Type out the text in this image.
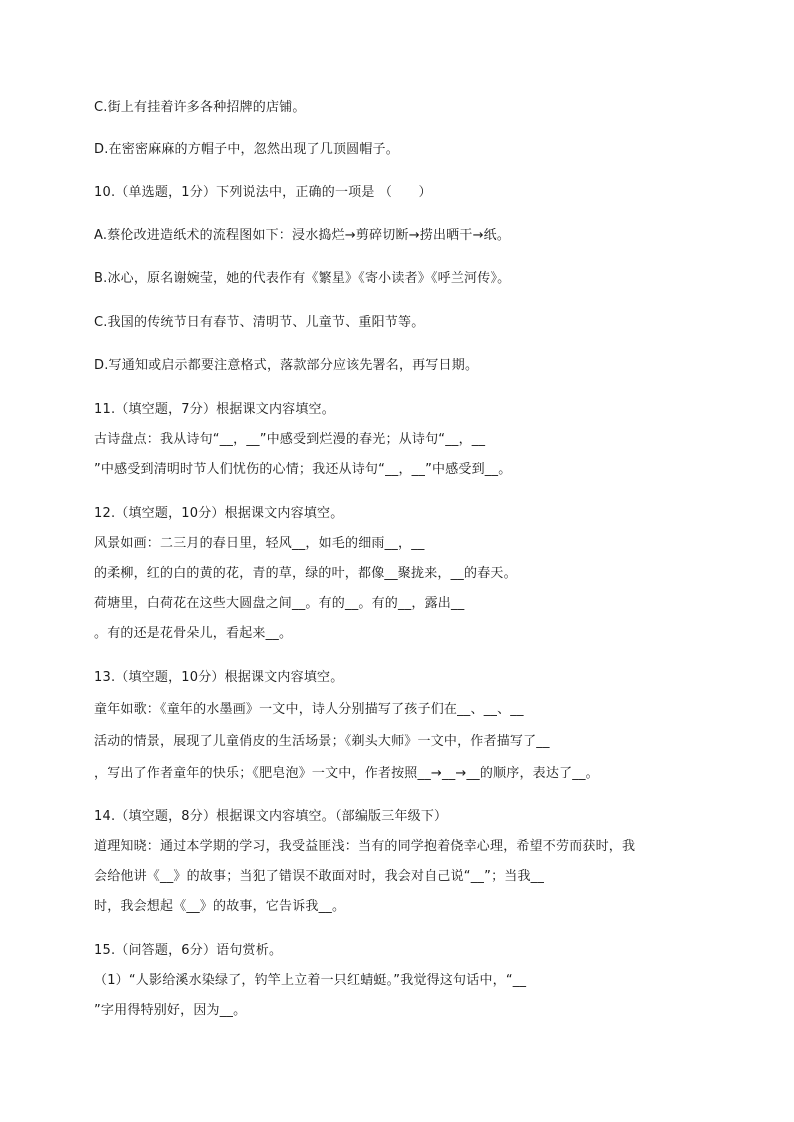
C.街上有挂着许多各种招牌的店铺。
D.在密密麻麻的方帽子中，忽然出现了几顶圆帽子。
10.（单选题，1分）下列说法中，正确的一项是 （　　）
A.蔡伦改进造纸术的流程图如下：浸水捣烂→剪碎切断→捞出晒干→纸。
B.冰心，原名谢婉莹，她的代表作有《繁星》《寄小读者》《呼兰河传》。
C.我国的传统节日有春节、清明节、儿童节、重阳节等。
D.写通知或启示都要注意格式，落款部分应该先署名，再写日期。
11.（填空题，7分）根据课文内容填空。
古诗盘点：我从诗句“__，__”中感受到烂漫的春光；从诗句“__，__
”中感受到清明时节人们忧伤的心情；我还从诗句“__，__”中感受到__。
12.（填空题，10分）根据课文内容填空。
风景如画：二三月的春日里，轻风__，如毛的细雨__，__
的柔柳，红的白的黄的花，青的草，绿的叶，都像__聚拢来，__的春天。
荷塘里，白荷花在这些大圆盘之间__。有的__。有的__，露出__
。有的还是花骨朵儿，看起来__。
13.（填空题，10分）根据课文内容填空。
童年如歌：《童年的水墨画》一文中，诗人分别描写了孩子们在__、__、__
活动的情景，展现了儿童俏皮的生活场景；《剃头大师》一文中，作者描写了__
，写出了作者童年的快乐；《肥皂泡》一文中，作者按照__→__→__的顺序，表达了__。
14.（填空题，8分）根据课文内容填空。（部编版三年级下）
道理知晓：通过本学期的学习，我受益匪浅：当有的同学抱着侥幸心理，希望不劳而获时，我
会给他讲《__》的故事；当犯了错误不敢面对时，我会对自己说“__”；当我__
时，我会想起《__》的故事，它告诉我__。
15.（问答题，6分）语句赏析。
（1）“人影给溪水染绿了，钓竿上立着一只红蜻蜓。”我觉得这句话中，“__
”字用得特别好，因为__。
